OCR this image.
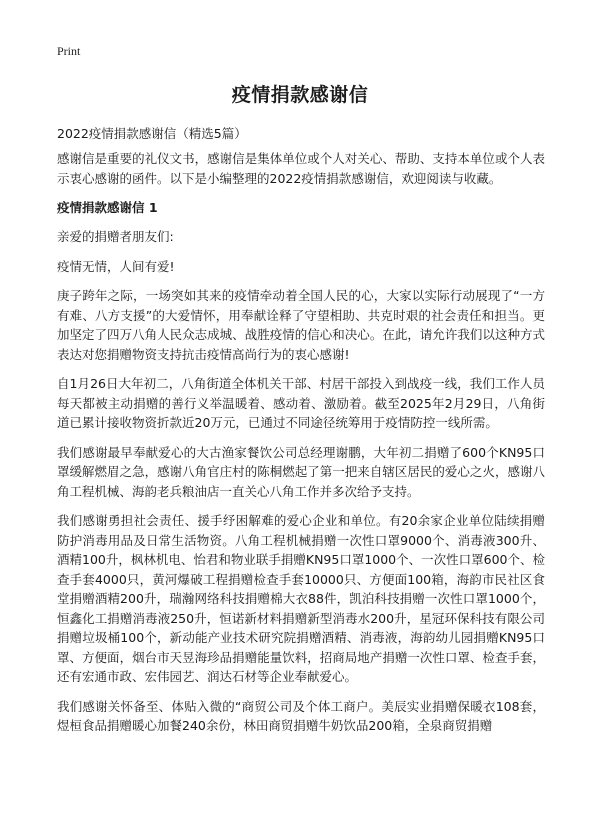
Print
疫情捐款感谢信

2022疫情捐款感谢信（精选5篇）

感谢信是重要的礼仪文书，感谢信是集体单位或个人对关心、帮助、支持本单位或个人表示衷心感谢的函件。以下是小编整理的2022疫情捐款感谢信，欢迎阅读与收藏。

疫情捐款感谢信 1

亲爱的捐赠者朋友们:

疫情无情，人间有爱!

庚子跨年之际，一场突如其来的疫情牵动着全国人民的心，大家以实际行动展现了“一方有难、八方支援”的大爱情怀，用奉献诠释了守望相助、共克时艰的社会责任和担当。更加坚定了四万八角人民众志成城、战胜疫情的信心和决心。在此，请允许我们以这种方式表达对您捐赠物资支持抗击疫情高尚行为的衷心感谢!

自1月26日大年初二，八角街道全体机关干部、村居干部投入到战疫一线，我们工作人员每天都被主动捐赠的善行义举温暖着、感动着、激励着。截至2025年2月29日，八角街道已累计接收物资折款近20万元，已通过不同途径统筹用于疫情防控一线所需。

我们感谢最早奉献爱心的大古渔家餐饮公司总经理谢鹏，大年初二捐赠了600个KN95口罩缓解燃眉之急，感谢八角官庄村的陈桐燃起了第一把来自辖区居民的爱心之火，感谢八角工程机械、海韵老兵粮油店一直关心八角工作并多次给予支持。

我们感谢勇担社会责任、援手纾困解难的爱心企业和单位。有20余家企业单位陆续捐赠防护消毒用品及日常生活物资。八角工程机械捐赠一次性口罩9000个、消毒液300升、酒精100升，枫林机电、怡君和物业联手捐赠KN95口罩1000个、一次性口罩600个、检查手套4000只，黄河爆破工程捐赠检查手套10000只、方便面100箱，海韵市民社区食堂捐赠酒精200升，瑞瀚网络科技捐赠棉大衣88件，凯泊科技捐赠一次性口罩1000个，恒鑫化工捐赠消毒液250升，恒诺新材料捐赠新型消毒水200升，星冠环保科技有限公司捐赠垃圾桶100个，新动能产业技术研究院捐赠酒精、消毒液，海韵幼儿园捐赠KN95口罩、方便面，烟台市天昱海珍品捐赠能量饮料，招商局地产捐赠一次性口罩、检查手套，还有宏通市政、宏伟园艺、润达石材等企业奉献爱心。

我们感谢关怀备至、体贴入微的“商贸公司及个体工商户。美辰实业捐赠保暖衣108套，煜桓食品捐赠暖心加餐240余份，林田商贸捐赠牛奶饮品200箱，全泉商贸捐赠
